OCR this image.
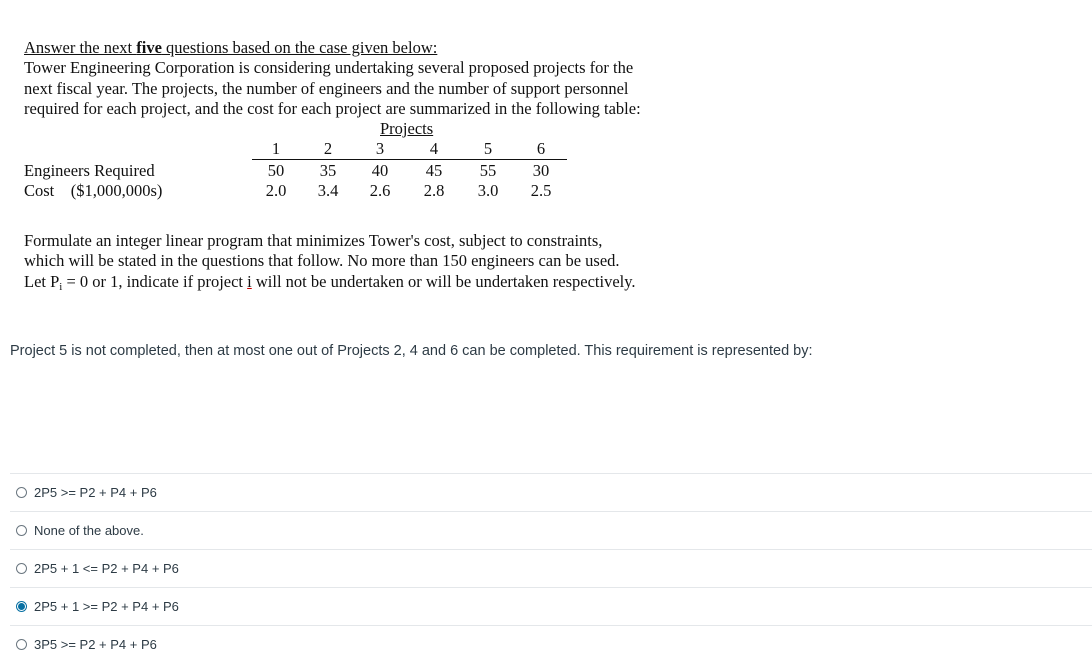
Answer the next five questions based on the case given below:
Tower Engineering Corporation is considering undertaking several proposed projects for the
next fiscal year. The projects, the number of engineers and the number of support personnel
required for each project, and the cost for each project are summarized in the following table:
Projects
1	2	3	4	5	6
Engineers Required	50	35	40	45	55	30
Cost    ($1,000,000s)	2.0	3.4	2.6	2.8	3.0	2.5
Formulate an integer linear program that minimizes Tower's cost, subject to constraints,
which will be stated in the questions that follow. No more than 150 engineers can be used.
Let $P_i = 0$ or 1, indicate if project i will not be undertaken or will be undertaken respectively.
Project 5 is not completed, then at most one out of Projects 2, 4 and 6 can be completed. This requirement is represented by:
2P5 >= P2 + P4 + P6
None of the above.
2P5 + 1 <= P2 + P4 + P6
2P5 + 1 >= P2 + P4 + P6
3P5 >= P2 + P4 + P6
